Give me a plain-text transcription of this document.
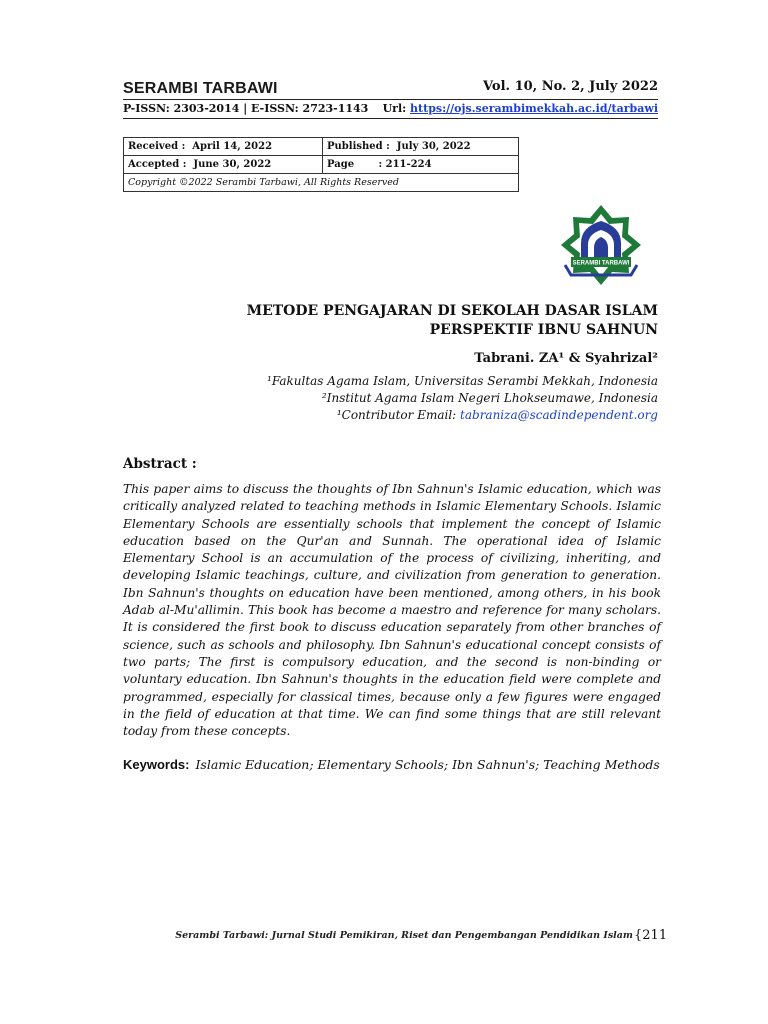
SERAMBI TARBAWI	Vol. 10, No. 2, July 2022
P-ISSN: 2303-2014 | E-ISSN: 2723-1143 Url: https://ojs.serambimekkah.ac.id/tarbawi
Received : April 14, 2022	Published : July 30, 2022
Accepted : June 30, 2022	Page : 211-224
Copyright ©2022 Serambi Tarbawi, All Rights Reserved	
SERAMBI TARBAWI
METODE PENGAJARAN DI SEKOLAH DASAR ISLAM
PERSPEKTIF IBNU SAHNUN
Tabrani. ZA¹ & Syahrizal²
¹Fakultas Agama Islam, Universitas Serambi Mekkah, Indonesia
²Institut Agama Islam Negeri Lhokseumawe, Indonesia
¹Contributor Email: tabraniza@scadindependent.org
Abstract :
This paper aims to discuss the thoughts of Ibn Sahnun's Islamic education, which was critically analyzed related to teaching methods in Islamic Elementary Schools. Islamic Elementary Schools are essentially schools that implement the concept of Islamic education based on the Qur'an and Sunnah. The operational idea of Islamic Elementary School is an accumulation of the process of civilizing, inheriting, and developing Islamic teachings, culture, and civilization from generation to generation. Ibn Sahnun's thoughts on education have been mentioned, among others, in his book Adab al-Mu'allimin. This book has become a maestro and reference for many scholars. It is considered the first book to discuss education separately from other branches of science, such as schools and philosophy. Ibn Sahnun's educational concept consists of two parts; The first is compulsory education, and the second is non-binding or voluntary education. Ibn Sahnun's thoughts in the education field were complete and programmed, especially for classical times, because only a few figures were engaged in the field of education at that time. We can find some things that are still relevant today from these concepts.
Keywords: Islamic Education; Elementary Schools; Ibn Sahnun's; Teaching Methods
Serambi Tarbawi: Jurnal Studi Pemikiran, Riset dan Pengembangan Pendidikan Islam {211
